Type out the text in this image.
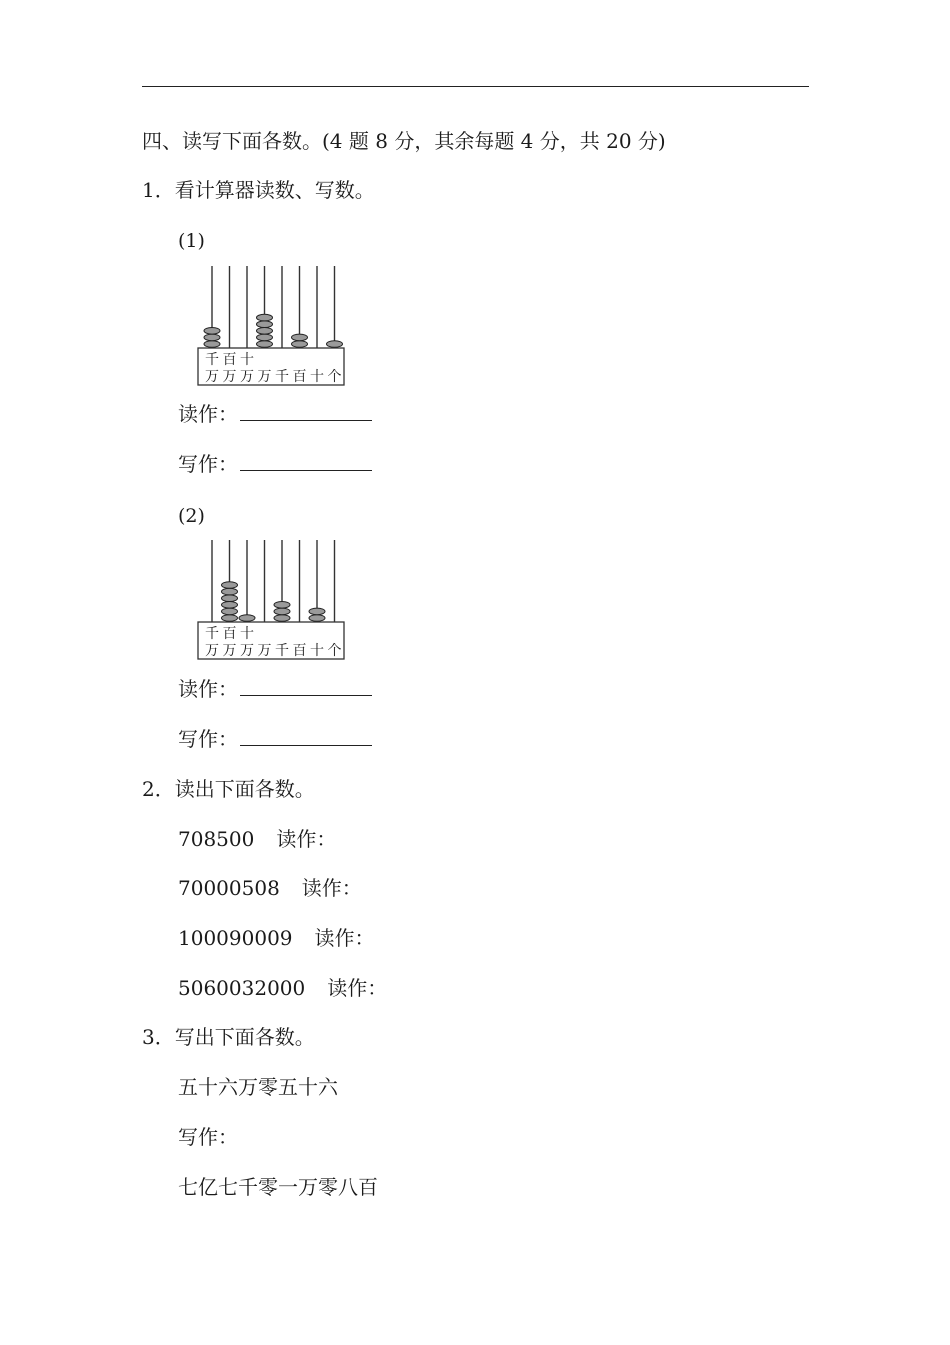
四、读写下面各数。(4 题 8 分，其余每题 4 分，共 20 分)
1．看计算器读数、写数。
(1)
千 百 十
万 万 万 万 千 百 十 个
读作：
写作：
(2)
千 百 十
万 万 万 万 千 百 十 个
读作：
写作：
2．读出下面各数。
708500 读作：
70000508 读作：
100090009 读作：
5060032000 读作：
3．写出下面各数。
五十六万零五十六
写作：
七亿七千零一万零八百
